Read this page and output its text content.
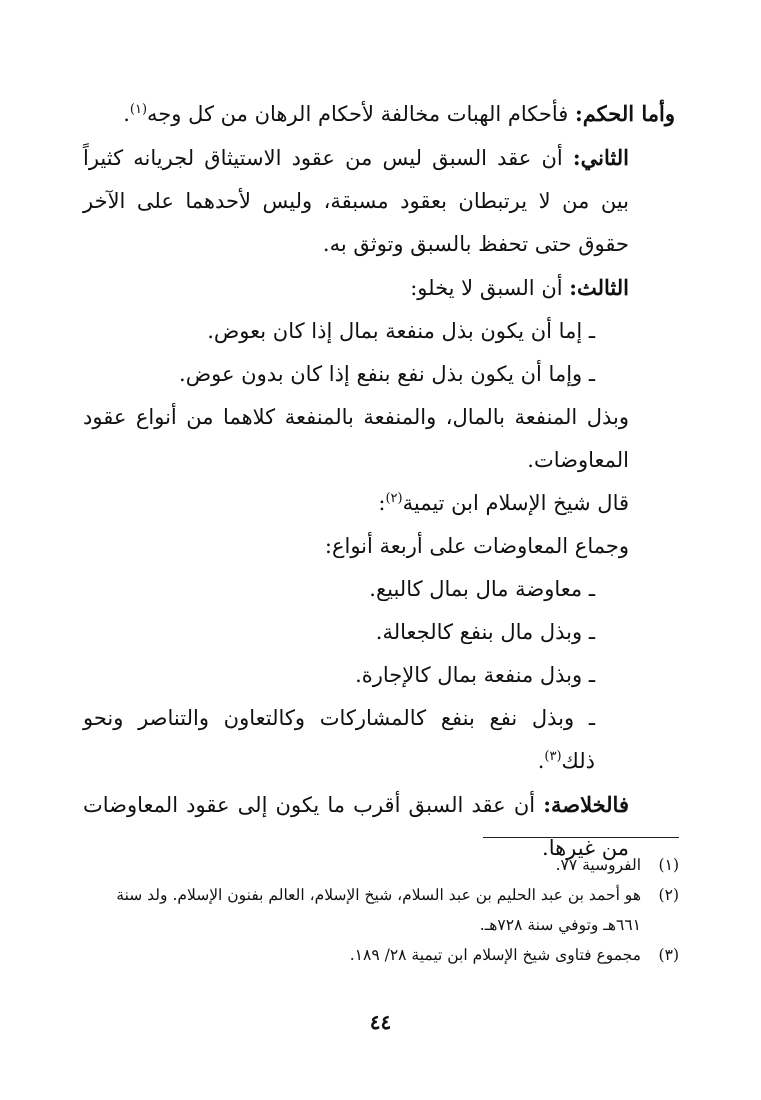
وأما الحكم: فأحكام الهبات مخالفة لأحكام الرهان من كل وجه$^{(١)}$.

الثاني: أن عقد السبق ليس من عقود الاستيثاق لجريانه كثيراً بين من لا يرتبطان بعقود مسبقة، وليس لأحدهما على الآخر حقوق حتى تحفظ بالسبق وتوثق به.

الثالث: أن السبق لا يخلو:

ـ إما أن يكون بذل منفعة بمال إذا كان بعوض.

ـ وإما أن يكون بذل نفع بنفع إذا كان بدون عوض.

وبذل المنفعة بالمال، والمنفعة بالمنفعة كلاهما من أنواع عقود المعاوضات.

قال شيخ الإسلام ابن تيمية$^{(٢)}$:

وجماع المعاوضات على أربعة أنواع:

ـ معاوضة مال بمال كالبيع.

ـ وبذل مال بنفع كالجعالة.

ـ وبذل منفعة بمال كالإجارة.

ـ وبذل نفع بنفع كالمشاركات وكالتعاون والتناصر ونحو ذلك$^{(٣)}$.

فالخلاصة: أن عقد السبق أقرب ما يكون إلى عقود المعاوضات من غيرها.

(١)
الفروسية ٧٧.
(٢)
هو أحمد بن عبد الحليم بن عبد السلام، شيخ الإسلام، العالم بفنون الإسلام. ولد سنة ٦٦١هـ وتوفي سنة ٧٢٨هـ.
(٣)
مجموع فتاوى شيخ الإسلام ابن تيمية ٢٨/ ١٨٩.
٤٤
